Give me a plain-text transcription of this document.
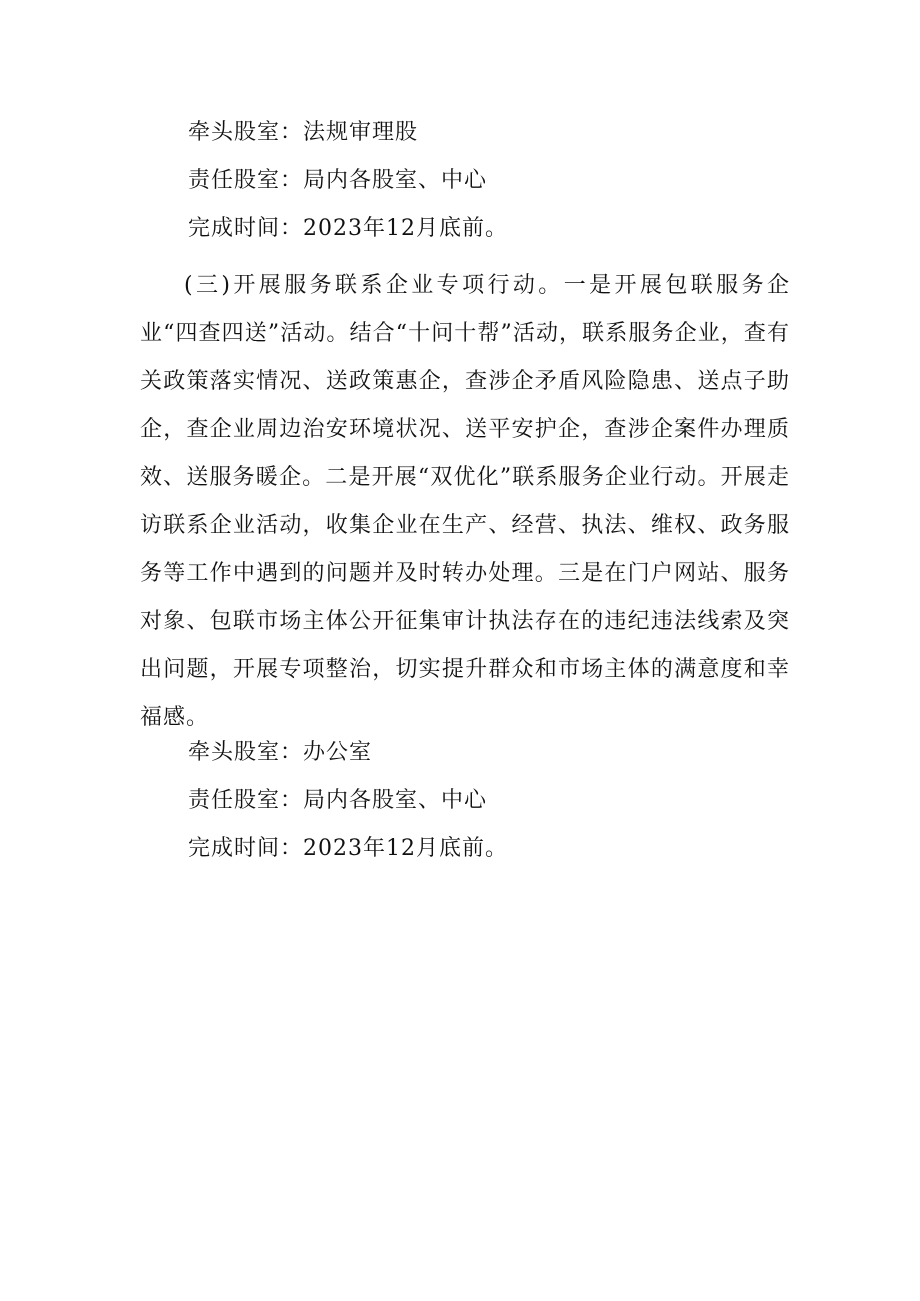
牵头股室：法规审理股
责任股室：局内各股室、中心
完成时间：2023年12月底前。
(三)开展服务联系企业专项行动。一是开展包联服务企业“四查四送”活动。结合“十问十帮”活动，联系服务企业，查有关政策落实情况、送政策惠企，查涉企矛盾风险隐患、送点子助企，查企业周边治安环境状况、送平安护企，查涉企案件办理质效、送服务暖企。二是开展“双优化”联系服务企业行动。开展走访联系企业活动，收集企业在生产、经营、执法、维权、政务服务等工作中遇到的问题并及时转办处理。三是在门户网站、服务对象、包联市场主体公开征集审计执法存在的违纪违法线索及突出问题，开展专项整治，切实提升群众和市场主体的满意度和幸福感。
牵头股室：办公室
责任股室：局内各股室、中心
完成时间：2023年12月底前。
